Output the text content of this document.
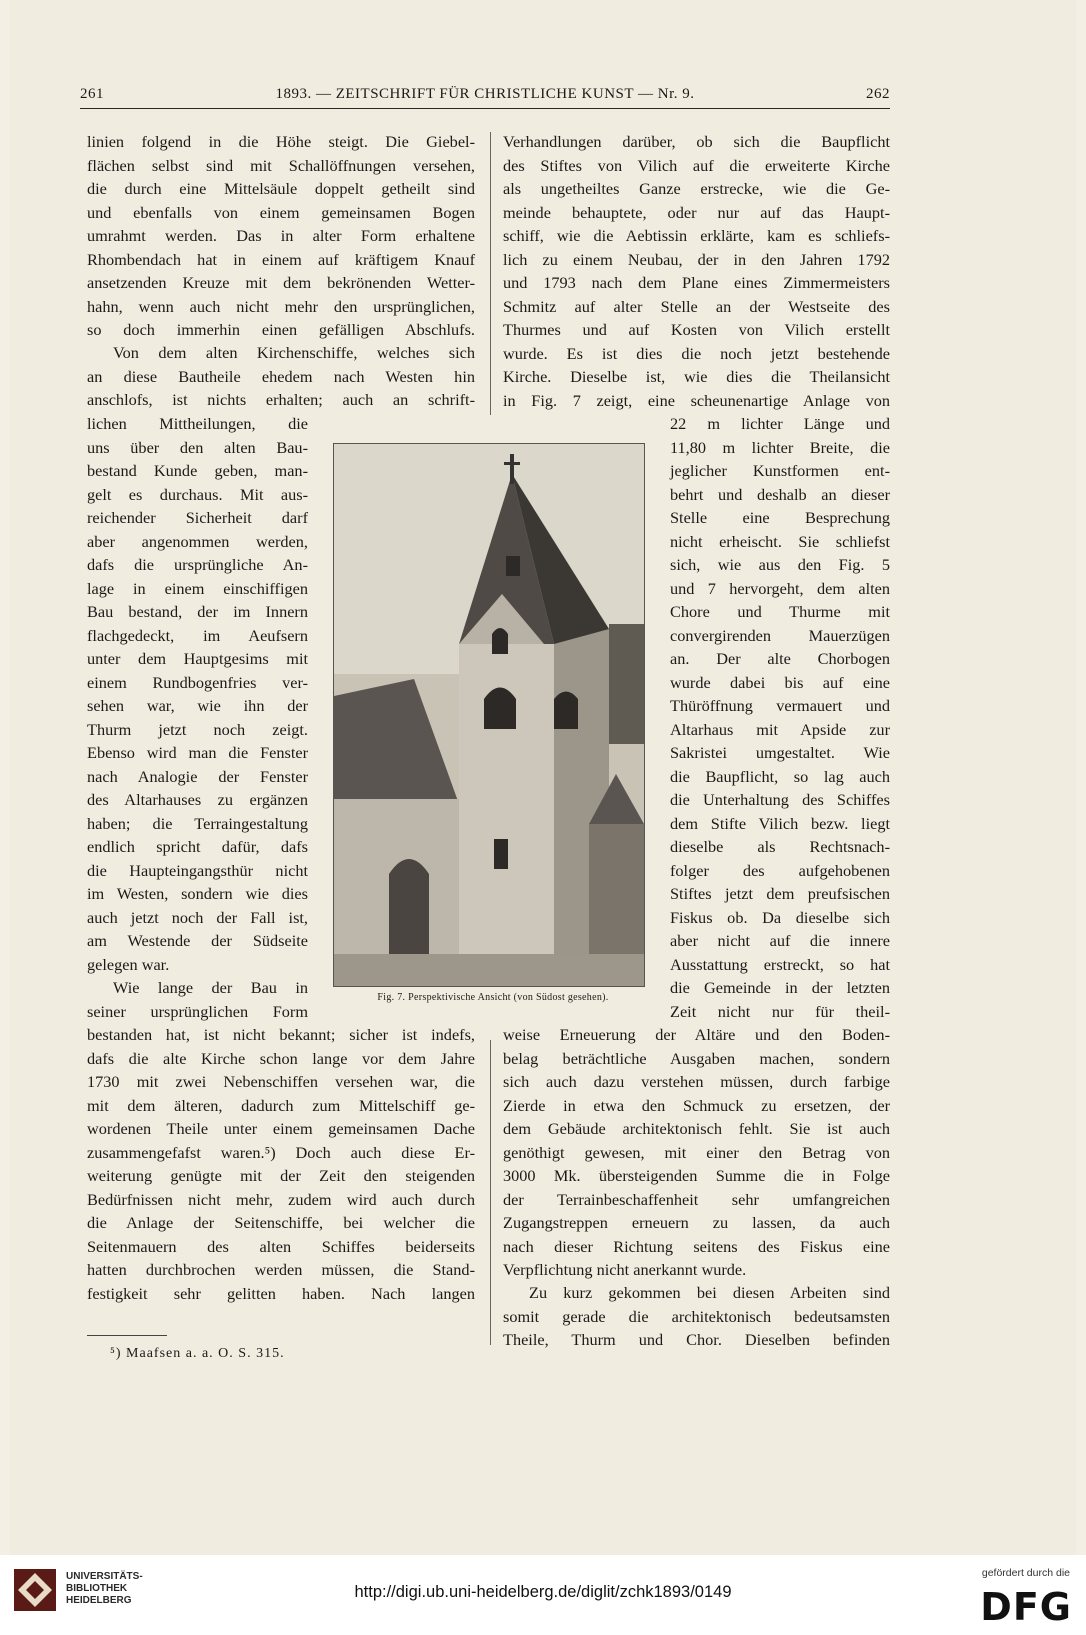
261	1893. — ZEITSCHRIFT FÜR CHRISTLICHE KUNST — Nr. 9.	262
linien folgend in die Höhe steigt. Die Giebel-
flächen selbst sind mit Schallöffnungen versehen,
die durch eine Mittelsäule doppelt getheilt sind
und ebenfalls von einem gemeinsamen Bogen
umrahmt werden. Das in alter Form erhaltene
Rhombendach hat in einem auf kräftigem Knauf
ansetzenden Kreuze mit dem bekrönenden Wetter-
hahn, wenn auch nicht mehr den ursprünglichen,
so doch immerhin einen gefälligen Abschlufs.
Von dem alten Kirchenschiffe, welches sich
an diese Bautheile ehedem nach Westen hin
anschlofs, ist nichts erhalten; auch an schrift-
lichen Mittheilungen, die
uns über den alten Bau-
bestand Kunde geben, man-
gelt es durchaus. Mit aus-
reichender Sicherheit darf
aber angenommen werden,
dafs die ursprüngliche An-
lage in einem einschiffigen
Bau bestand, der im Innern
flachgedeckt, im Aeufsern
unter dem Hauptgesims mit
einem Rundbogenfries ver-
sehen war, wie ihn der
Thurm jetzt noch zeigt.
Ebenso wird man die Fenster
nach Analogie der Fenster
des Altarhauses zu ergänzen
haben; die Terraingestaltung
endlich spricht dafür, dafs
die Haupteingangsthür nicht
im Westen, sondern wie dies
auch jetzt noch der Fall ist,
am Westende der Südseite
gelegen war.
Wie lange der Bau in
seiner ursprünglichen Form
bestanden hat, ist nicht bekannt; sicher ist indefs,
dafs die alte Kirche schon lange vor dem Jahre
1730 mit zwei Nebenschiffen versehen war, die
mit dem älteren, dadurch zum Mittelschiff ge-
wordenen Theile unter einem gemeinsamen Dache
zusammengefafst waren.⁵) Doch auch diese Er-
weiterung genügte mit der Zeit den steigenden
Bedürfnissen nicht mehr, zudem wird auch durch
die Anlage der Seitenschiffe, bei welcher die
Seitenmauern des alten Schiffes beiderseits
hatten durchbrochen werden müssen, die Stand-
festigkeit sehr gelitten haben. Nach langen
Verhandlungen darüber, ob sich die Baupflicht
des Stiftes von Vilich auf die erweiterte Kirche
als ungetheiltes Ganze erstrecke, wie die Ge-
meinde behauptete, oder nur auf das Haupt-
schiff, wie die Aebtissin erklärte, kam es schliefs-
lich zu einem Neubau, der in den Jahren 1792
und 1793 nach dem Plane eines Zimmermeisters
Schmitz auf alter Stelle an der Westseite des
Thurmes und auf Kosten von Vilich erstellt
wurde. Es ist dies die noch jetzt bestehende
Kirche. Dieselbe ist, wie dies die Theilansicht
in Fig. 7 zeigt, eine scheunenartige Anlage von
22 m lichter Länge und
11,80 m lichter Breite, die
jeglicher Kunstformen ent-
behrt und deshalb an dieser
Stelle eine Besprechung
nicht erheischt. Sie schliefst
sich, wie aus den Fig. 5
und 7 hervorgeht, dem alten
Chore und Thurme mit
convergirenden Mauerzügen
an. Der alte Chorbogen
wurde dabei bis auf eine
Thüröffnung vermauert und
Altarhaus mit Apside zur
Sakristei umgestaltet. Wie
die Baupflicht, so lag auch
die Unterhaltung des Schiffes
dem Stifte Vilich bezw. liegt
dieselbe als Rechtsnach-
folger des aufgehobenen
Stiftes jetzt dem preufsischen
Fiskus ob. Da dieselbe sich
aber nicht auf die innere
Ausstattung erstreckt, so hat
die Gemeinde in der letzten
Zeit nicht nur für theil-
weise Erneuerung der Altäre und den Boden-
belag beträchtliche Ausgaben machen, sondern
sich auch dazu verstehen müssen, durch farbige
Zierde in etwa den Schmuck zu ersetzen, der
dem Gebäude architektonisch fehlt. Sie ist auch
genöthigt gewesen, mit einer den Betrag von
3000 Mk. übersteigenden Summe die in Folge
der Terrainbeschaffenheit sehr umfangreichen
Zugangstreppen erneuern zu lassen, da auch
nach dieser Richtung seitens des Fiskus eine
Verpflichtung nicht anerkannt wurde.
Zu kurz gekommen bei diesen Arbeiten sind
somit gerade die architektonisch bedeutsamsten
Theile, Thurm und Chor. Dieselben befinden
Fig. 7. Perspektivische Ansicht (von Südost gesehen).
⁵) Maafsen a. a. O. S. 315.
UNIVERSITÄTS-
BIBLIOTHEK
HEIDELBERG	http://digi.ub.uni-heidelberg.de/diglit/zchk1893/0149
gefördert durch die
DFG
